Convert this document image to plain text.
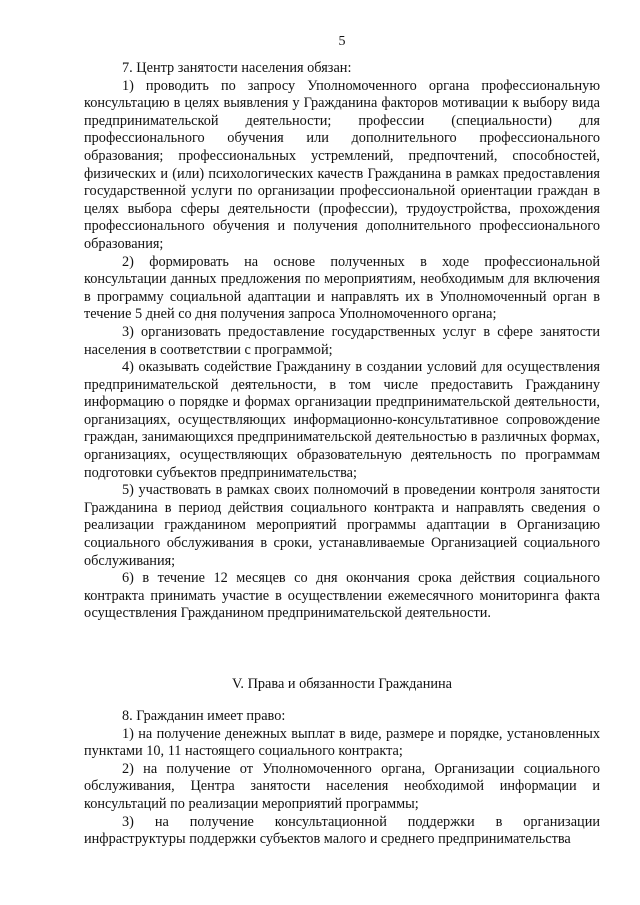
5

7. Центр занятости населения обязан:

1) проводить по запросу Уполномоченного органа профессиональную консультацию в целях выявления у Гражданина факторов мотивации к выбору вида предпринимательской деятельности; профессии (специальности) для профессионального обучения или дополнительного профессионального образования; профессиональных устремлений, предпочтений, способностей, физических и (или) психологических качеств Гражданина в рамках предоставления государственной услуги по организации профессиональной ориентации граждан в целях выбора сферы деятельности (профессии), трудоустройства, прохождения профессионального обучения и получения дополнительного профессионального образования;

2) формировать на основе полученных в ходе профессиональной консультации данных предложения по мероприятиям, необходимым для включения в программу социальной адаптации и направлять их в Уполномоченный орган в течение 5 дней со дня получения запроса Уполномоченного органа;

3) организовать предоставление государственных услуг в сфере занятости населения в соответствии с программой;

4) оказывать содействие Гражданину в создании условий для осуществления предпринимательской деятельности, в том числе предоставить Гражданину информацию о порядке и формах организации предпринимательской деятельности, организациях, осуществляющих информационно-консультативное сопровождение граждан, занимающихся предпринимательской деятельностью в различных формах, организациях, осуществляющих образовательную деятельность по программам подготовки субъектов предпринимательства;

5) участвовать в рамках своих полномочий в проведении контроля занятости Гражданина в период действия социального контракта и направлять сведения о реализации гражданином мероприятий программы адаптации в Организацию социального обслуживания в сроки, устанавливаемые Организацией социального обслуживания;

6) в течение 12 месяцев со дня окончания срока действия социального контракта принимать участие в осуществлении ежемесячного мониторинга факта осуществления Гражданином предпринимательской деятельности.

V. Права и обязанности Гражданина

8. Гражданин имеет право:

1) на получение денежных выплат в виде, размере и порядке, установленных пунктами 10, 11 настоящего социального контракта;

2) на получение от Уполномоченного органа, Организации социального обслуживания, Центра занятости населения необходимой информации и консультаций по реализации мероприятий программы;

3) на получение консультационной поддержки в организации инфраструктуры поддержки субъектов малого и среднего предпринимательства
